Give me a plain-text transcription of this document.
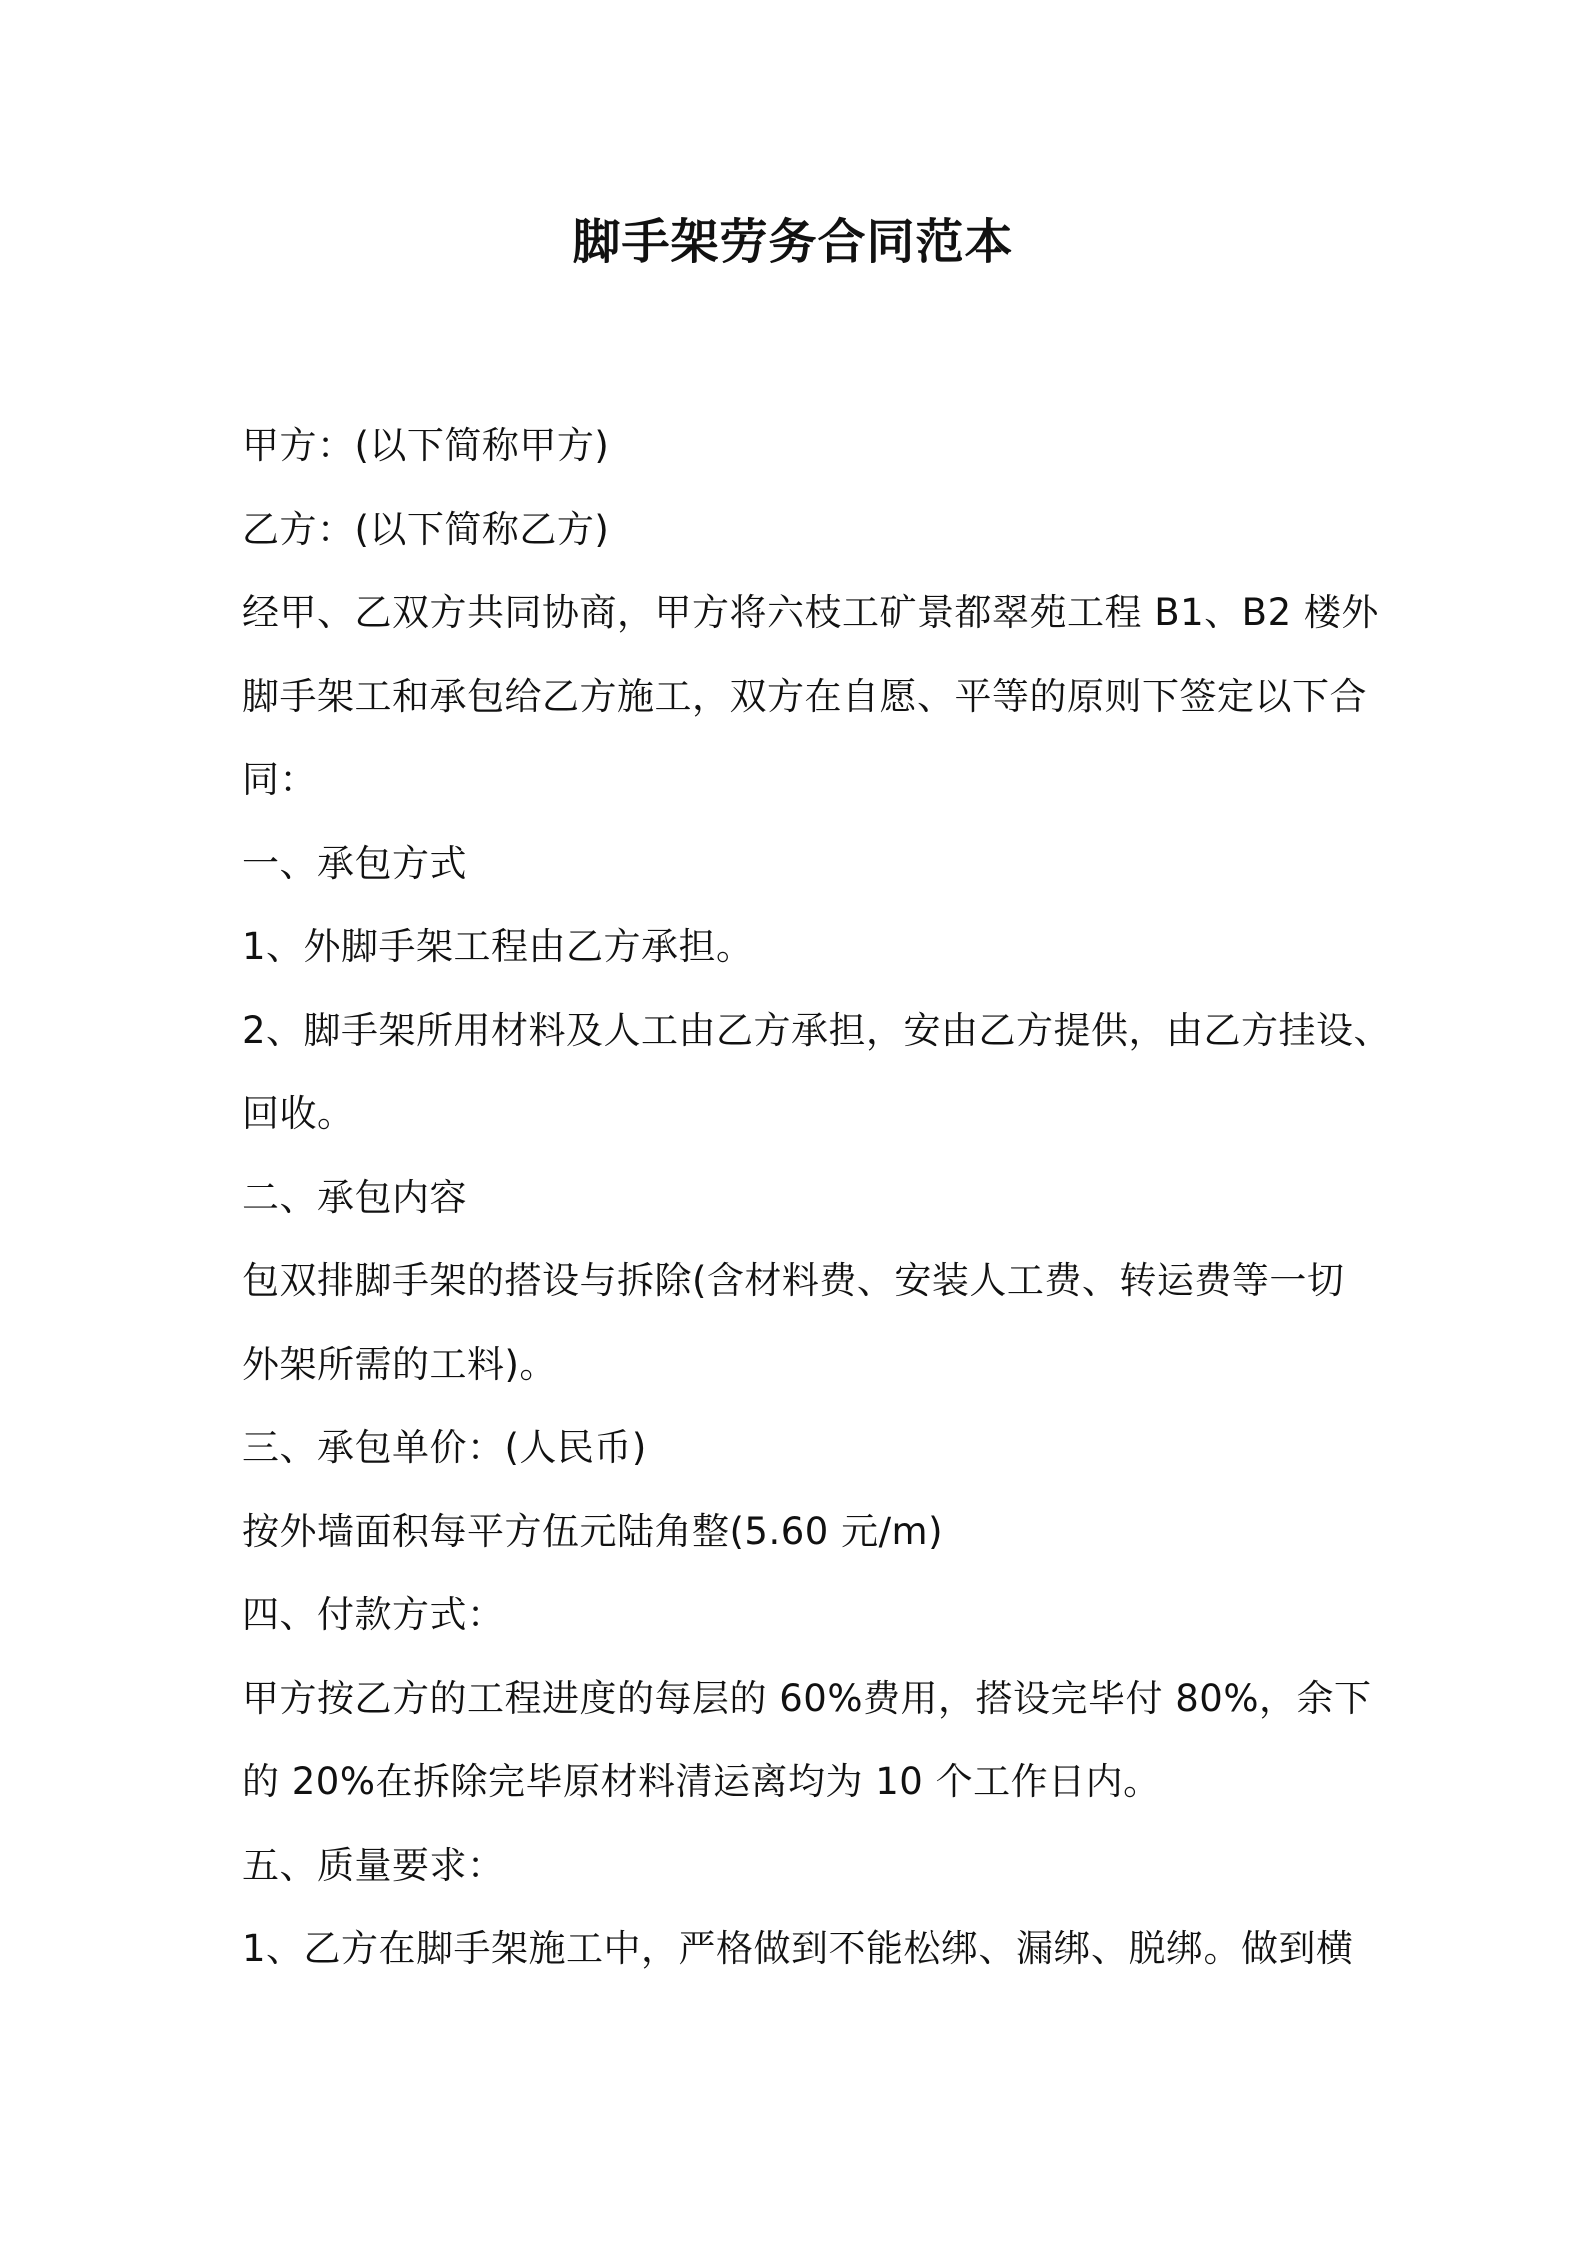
脚手架劳务合同范本
甲方：(以下简称甲方)
乙方：(以下简称乙方)
经甲、乙双方共同协商，甲方将六枝工矿景都翠苑工程 B1、B2 楼外
脚手架工和承包给乙方施工，双方在自愿、平等的原则下签定以下合
同：
一、承包方式
1、外脚手架工程由乙方承担。
2、脚手架所用材料及人工由乙方承担，安由乙方提供，由乙方挂设、
回收。
二、承包内容
包双排脚手架的搭设与拆除(含材料费、安装人工费、转运费等一切
外架所需的工料)。
三、承包单价：(人民币)
按外墙面积每平方伍元陆角整(5.60 元/m)
四、付款方式：
甲方按乙方的工程进度的每层的 60%费用，搭设完毕付 80%，余下
的 20%在拆除完毕原材料清运离均为 10 个工作日内。
五、质量要求：
1、乙方在脚手架施工中，严格做到不能松绑、漏绑、脱绑。做到横
